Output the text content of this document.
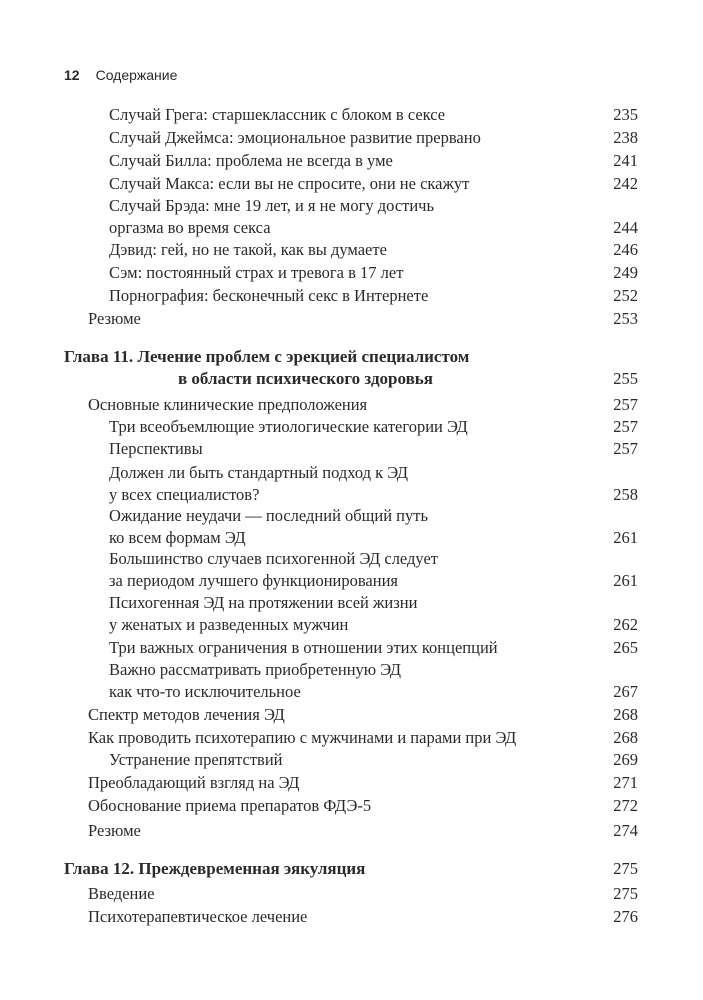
12 Содержание
Случай Грега: старшеклассник с блоком в сексе	235
Случай Джеймса: эмоциональное развитие прервано	238
Случай Билла: проблема не всегда в уме	241
Случай Макса: если вы не спросите, они не скажут	242
Случай Брэда: мне 19 лет, и я не могу достичь
оргазма во время секса	244
Дэвид: гей, но не такой, как вы думаете	246
Сэм: постоянный страх и тревога в 17 лет	249
Порнография: бесконечный секс в Интернете	252
Резюме	253
Глава 11. Лечение проблем с эрекцией специалистом
в области психического здоровья	255
Основные клинические предположения	257
Три всеобъемлющие этиологические категории ЭД	257
Перспективы	257
Должен ли быть стандартный подход к ЭД
у всех специалистов?	258
Ожидание неудачи — последний общий путь
ко всем формам ЭД	261
Большинство случаев психогенной ЭД следует
за периодом лучшего функционирования	261
Психогенная ЭД на протяжении всей жизни
у женатых и разведенных мужчин	262
Три важных ограничения в отношении этих концепций	265
Важно рассматривать приобретенную ЭД
как что-то исключительное	267
Спектр методов лечения ЭД	268
Как проводить психотерапию с мужчинами и парами при ЭД	268
Устранение препятствий	269
Преобладающий взгляд на ЭД	271
Обоснование приема препаратов ФДЭ-5	272
Резюме	274
Глава 12. Преждевременная эякуляция	275
Введение	275
Психотерапевтическое лечение	276
